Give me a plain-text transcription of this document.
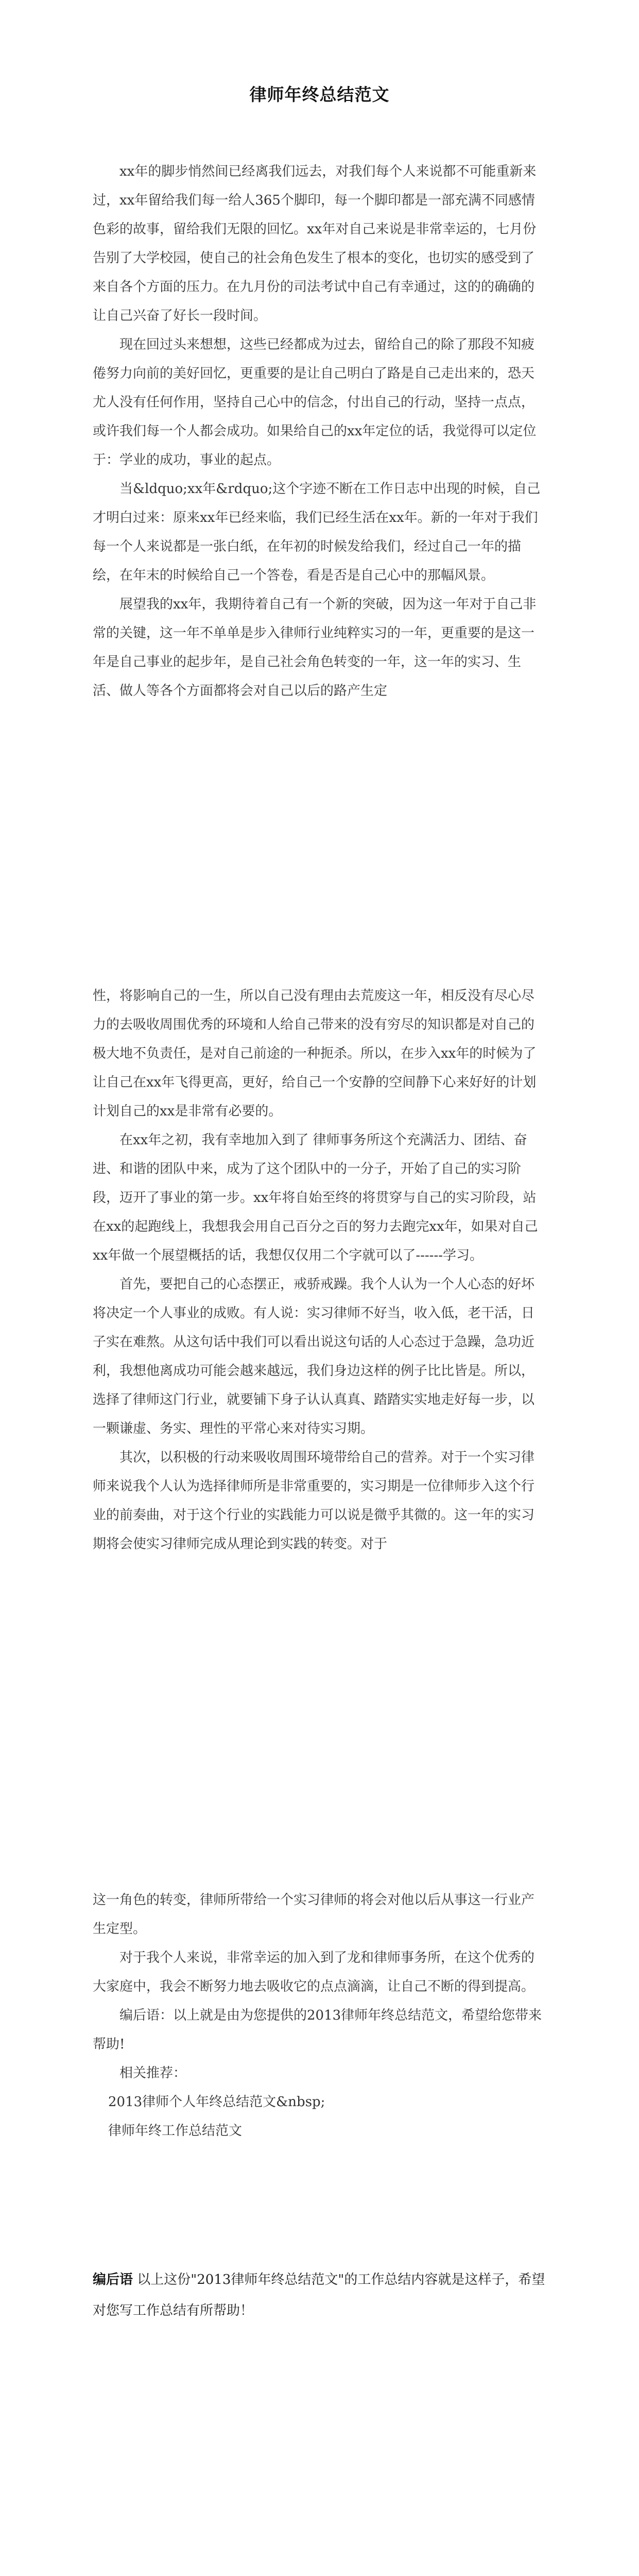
律师年终总结范文

xx年的脚步悄然间已经离我们远去，对我们每个人来说都不可能重新来过，xx年留给我们每一给人365个脚印，每一个脚印都是一部充满不同感情色彩的故事，留给我们无限的回忆。xx年对自己来说是非常幸运的，七月份告别了大学校园，使自己的社会角色发生了根本的变化，也切实的感受到了来自各个方面的压力。在九月份的司法考试中自己有幸通过，这的的确确的让自己兴奋了好长一段时间。

现在回过头来想想，这些已经都成为过去，留给自己的除了那段不知疲倦努力向前的美好回忆，更重要的是让自己明白了路是自己走出来的，恐天尤人没有任何作用，坚持自己心中的信念，付出自己的行动，坚持一点点，或许我们每一个人都会成功。如果给自己的xx年定位的话，我觉得可以定位于：学业的成功，事业的起点。

当&ldquo;xx年&rdquo;这个字迹不断在工作日志中出现的时候，自己才明白过来：原来xx年已经来临，我们已经生活在xx年。新的一年对于我们每一个人来说都是一张白纸，在年初的时候发给我们，经过自己一年的描绘，在年末的时候给自己一个答卷，看是否是自己心中的那幅风景。

展望我的xx年，我期待着自己有一个新的突破，因为这一年对于自己非常的关键，这一年不单单是步入律师行业纯粹实习的一年，更重要的是这一年是自己事业的起步年，是自己社会角色转变的一年，这一年的实习、生活、做人等各个方面都将会对自己以后的路产生定

性，将影响自己的一生，所以自己没有理由去荒废这一年，相反没有尽心尽力的去吸收周围优秀的环境和人给自己带来的没有穷尽的知识都是对自己的极大地不负责任，是对自己前途的一种扼杀。所以，在步入xx年的时候为了让自己在xx年飞得更高，更好，给自己一个安静的空间静下心来好好的计划计划自己的xx是非常有必要的。

在xx年之初，我有幸地加入到了 律师事务所这个充满活力、团结、奋进、和谐的团队中来，成为了这个团队中的一分子，开始了自己的实习阶段，迈开了事业的第一步。xx年将自始至终的将贯穿与自己的实习阶段，站在xx的起跑线上，我想我会用自己百分之百的努力去跑完xx年，如果对自己xx年做一个展望概括的话，我想仅仅用二个字就可以了------学习。

首先，要把自己的心态摆正，戒骄戒躁。我个人认为一个人心态的好坏将决定一个人事业的成败。有人说：实习律师不好当，收入低，老干活，日子实在难熬。从这句话中我们可以看出说这句话的人心态过于急躁，急功近利，我想他离成功可能会越来越远，我们身边这样的例子比比皆是。所以，选择了律师这门行业，就要铺下身子认认真真、踏踏实实地走好每一步，以一颗谦虚、务实、理性的平常心来对待实习期。

其次，以积极的行动来吸收周围环境带给自己的营养。对于一个实习律师来说我个人认为选择律师所是非常重要的，实习期是一位律师步入这个行业的前奏曲，对于这个行业的实践能力可以说是微乎其微的。这一年的实习期将会使实习律师完成从理论到实践的转变。对于

这一角色的转变，律师所带给一个实习律师的将会对他以后从事这一行业产生定型。

对于我个人来说，非常幸运的加入到了龙和律师事务所，在这个优秀的大家庭中，我会不断努力地去吸收它的点点滴滴，让自己不断的得到提高。

编后语：以上就是由为您提供的2013律师年终总结范文，希望给您带来帮助!

相关推荐：

2013律师个人年终总结范文&nbsp;

律师年终工作总结范文

编后语 以上这份"2013律师年终总结范文"的工作总结内容就是这样子，希望对您写工作总结有所帮助！
